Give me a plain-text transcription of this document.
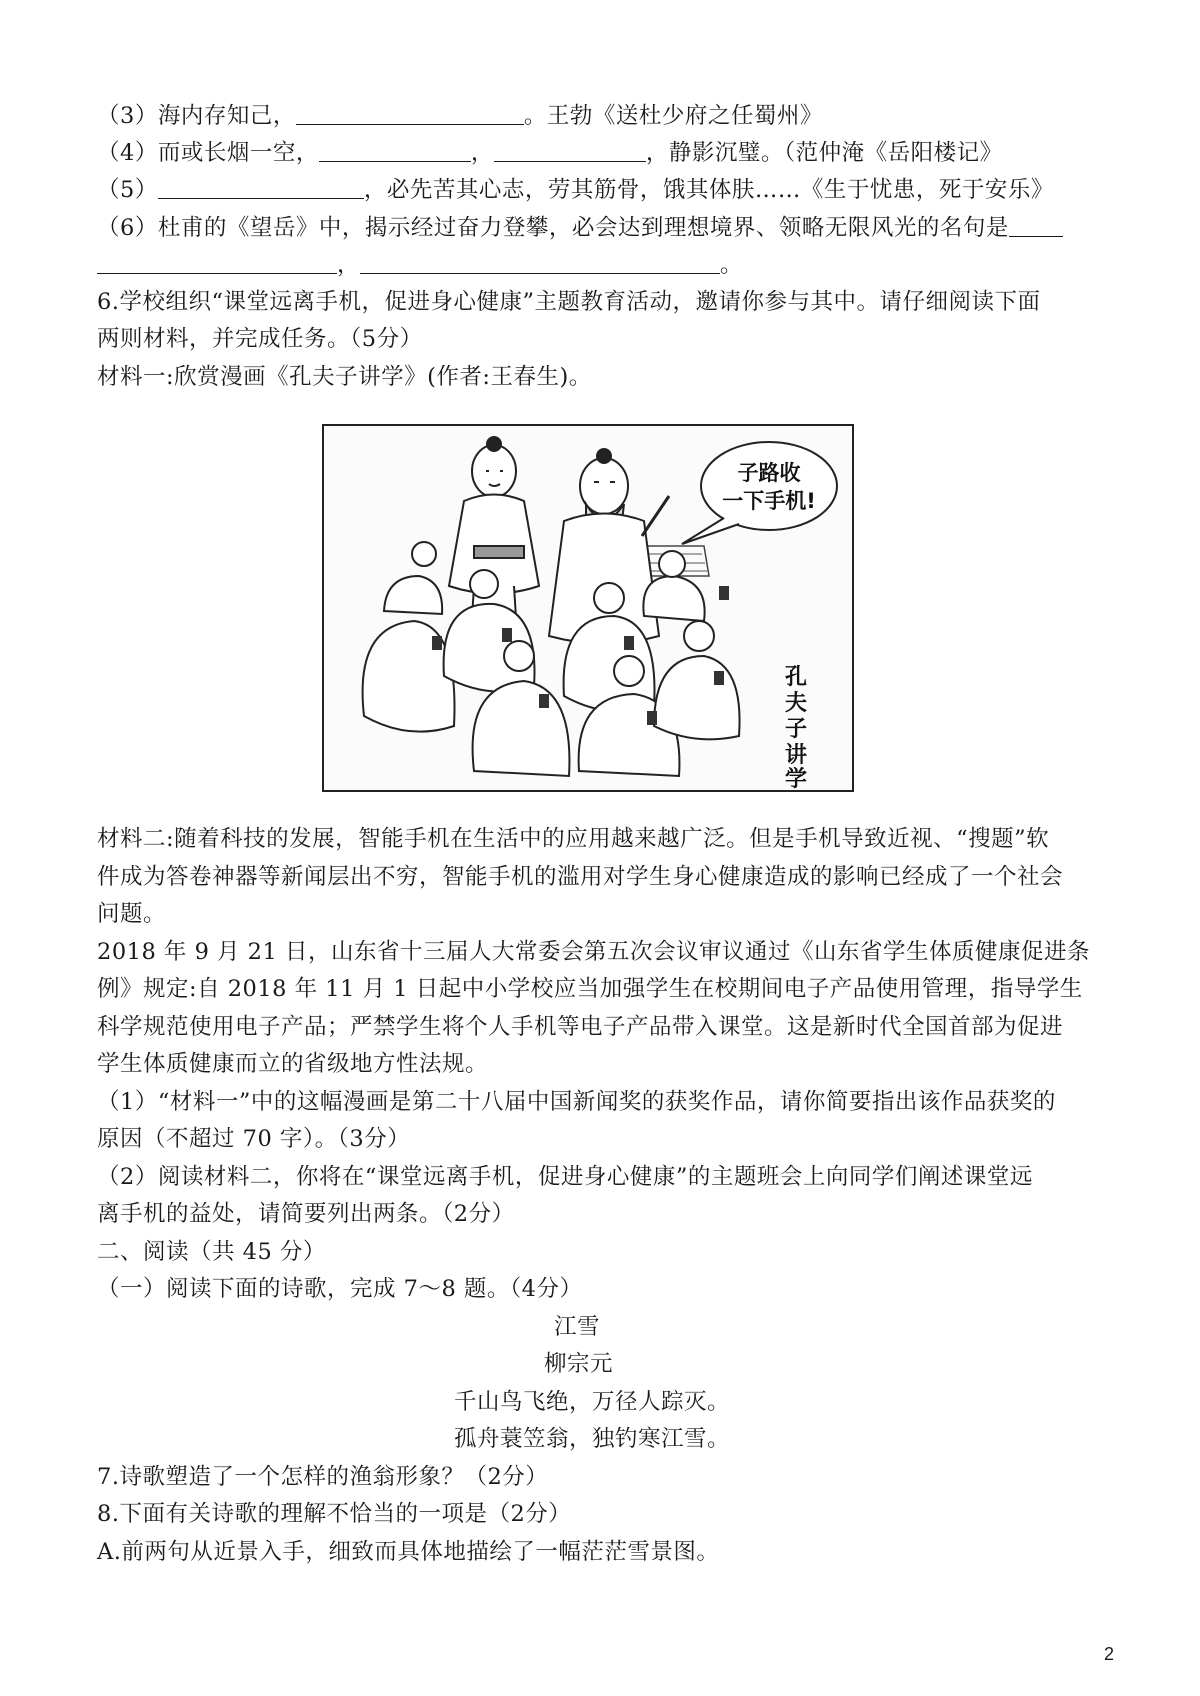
（3）海内存知己，	。王勃《送杜少府之任蜀州》
（4）而或长烟一空，	，	，静影沉璧。（范仲淹《岳阳楼记》
（5）	，必先苦其心志，劳其筋骨，饿其体肤……《生于忧患，死于安乐》
（6）杜甫的《望岳》中，揭示经过奋力登攀，必会达到理想境界、领略无限风光的名句是
，	。
6.学校组织“课堂远离手机，促进身心健康”主题教育活动，邀请你参与其中。请仔细阅读下面
两则材料，并完成任务。（5分）
材料一:欣赏漫画《孔夫子讲学》(作者:王春生)。
子路收
一下手机!
孔
夫
子
讲
学
材料二:随着科技的发展，智能手机在生活中的应用越来越广泛。但是手机导致近视、“搜题”软
件成为答卷神器等新闻层出不穷，智能手机的滥用对学生身心健康造成的影响已经成了一个社会
问题。
2018 年 9 月 21 日，山东省十三届人大常委会第五次会议审议通过《山东省学生体质健康促进条
例》规定:自 2018 年 11 月 1 日起中小学校应当加强学生在校期间电子产品使用管理，指导学生
科学规范使用电子产品；严禁学生将个人手机等电子产品带入课堂。这是新时代全国首部为促进
学生体质健康而立的省级地方性法规。
（1）“材料一”中的这幅漫画是第二十八届中国新闻奖的获奖作品，请你简要指出该作品获奖的
原因（不超过 70 字）。（3分）
（2）阅读材料二，你将在“课堂远离手机，促进身心健康”的主题班会上向同学们阐述课堂远
离手机的益处，请简要列出两条。（2分）
二、阅读（共 45 分）
（一）阅读下面的诗歌，完成 7～8 题。（4分）
江雪
柳宗元
千山鸟飞绝，万径人踪灭。
孤舟蓑笠翁，独钓寒江雪。
7.诗歌塑造了一个怎样的渔翁形象？（2分）
8.下面有关诗歌的理解不恰当的一项是（2分）
A.前两句从近景入手，细致而具体地描绘了一幅茫茫雪景图。
2
